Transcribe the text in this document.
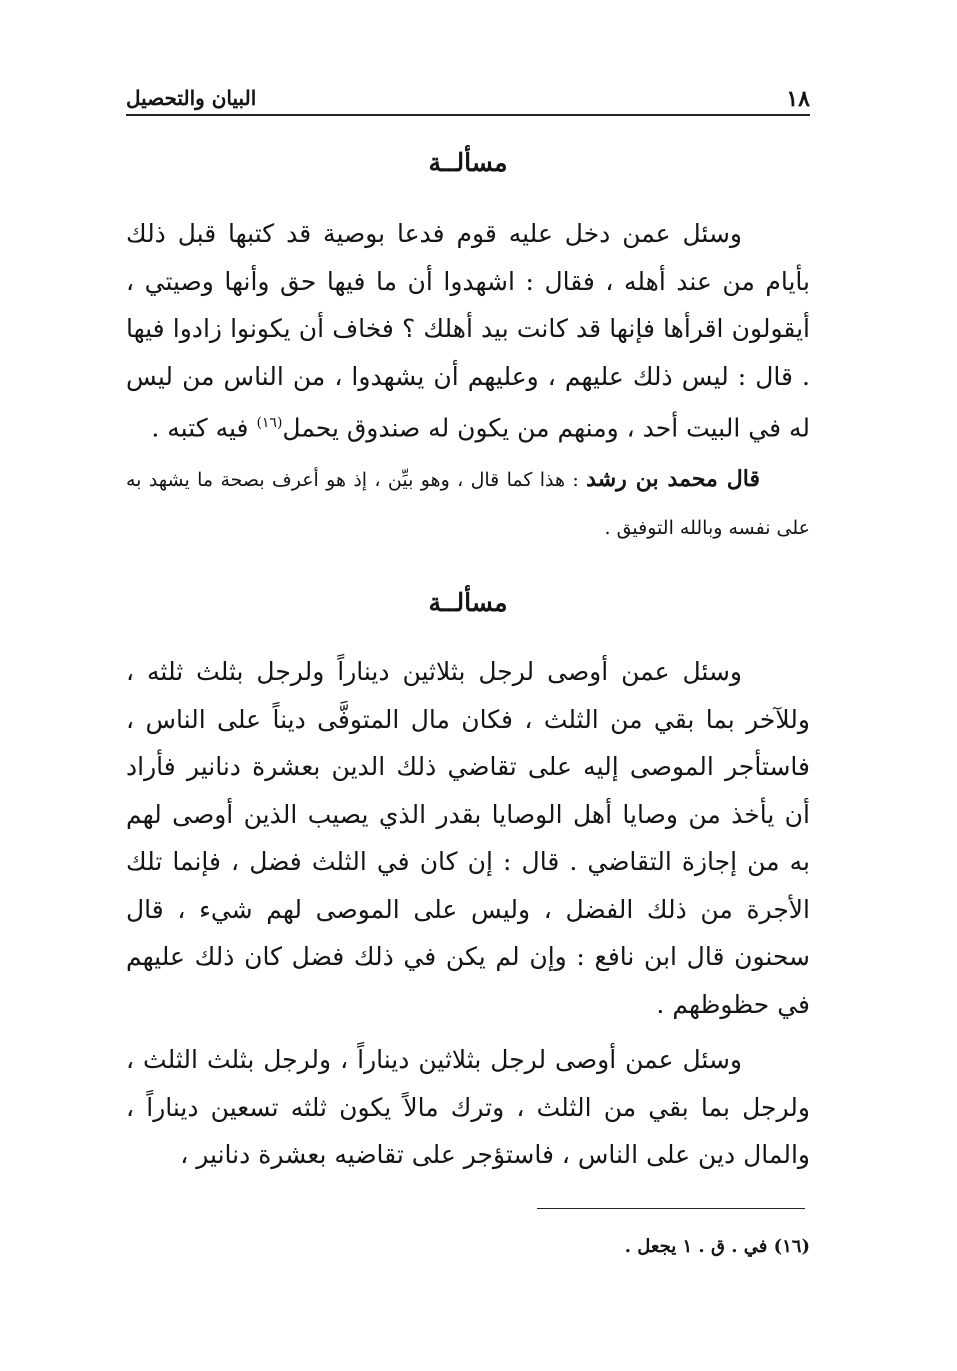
البيان والتحصيل	١٨
مسألــة

وسئل عمن دخل عليه قوم فدعا بوصية قد كتبها قبل ذلك بأيام من عند أهله ، فقال : اشهدوا أن ما فيها حق وأنها وصيتي ، أيقولون اقرأها فإنها قد كانت بيد أهلك ؟ فخاف أن يكونوا زادوا فيها . قال : ليس ذلك عليهم ، وعليهم أن يشهدوا ، من الناس من ليس له في البيت أحد ، ومنهم من يكون له صندوق يحمل$^{(١٦)}$ فيه كتبه .

قال محمد بن رشد : هذا كما قال ، وهو بيِّن ، إذ هو أعرف بصحة ما يشهد به على نفسه وبالله التوفيق .

مسألــة

وسئل عمن أوصى لرجل بثلاثين ديناراً ولرجل بثلث ثلثه ، وللآخر بما بقي من الثلث ، فكان مال المتوفَّى ديناً على الناس ، فاستأجر الموصى إليه على تقاضي ذلك الدين بعشرة دنانير فأراد أن يأخذ من وصايا أهل الوصايا بقدر الذي يصيب الذين أوصى لهم به من إجازة التقاضي . قال : إن كان في الثلث فضل ، فإنما تلك الأجرة من ذلك الفضل ، وليس على الموصى لهم شيء ، قال سحنون قال ابن نافع : وإن لم يكن في ذلك فضل كان ذلك عليهم في حظوظهم .

وسئل عمن أوصى لرجل بثلاثين ديناراً ، ولرجل بثلث الثلث ، ولرجل بما بقي من الثلث ، وترك مالاً يكون ثلثه تسعين ديناراً ، والمال دين على الناس ، فاستؤجر على تقاضيه بعشرة دنانير ،

(١٦) في . ق . ١ يجعل .
